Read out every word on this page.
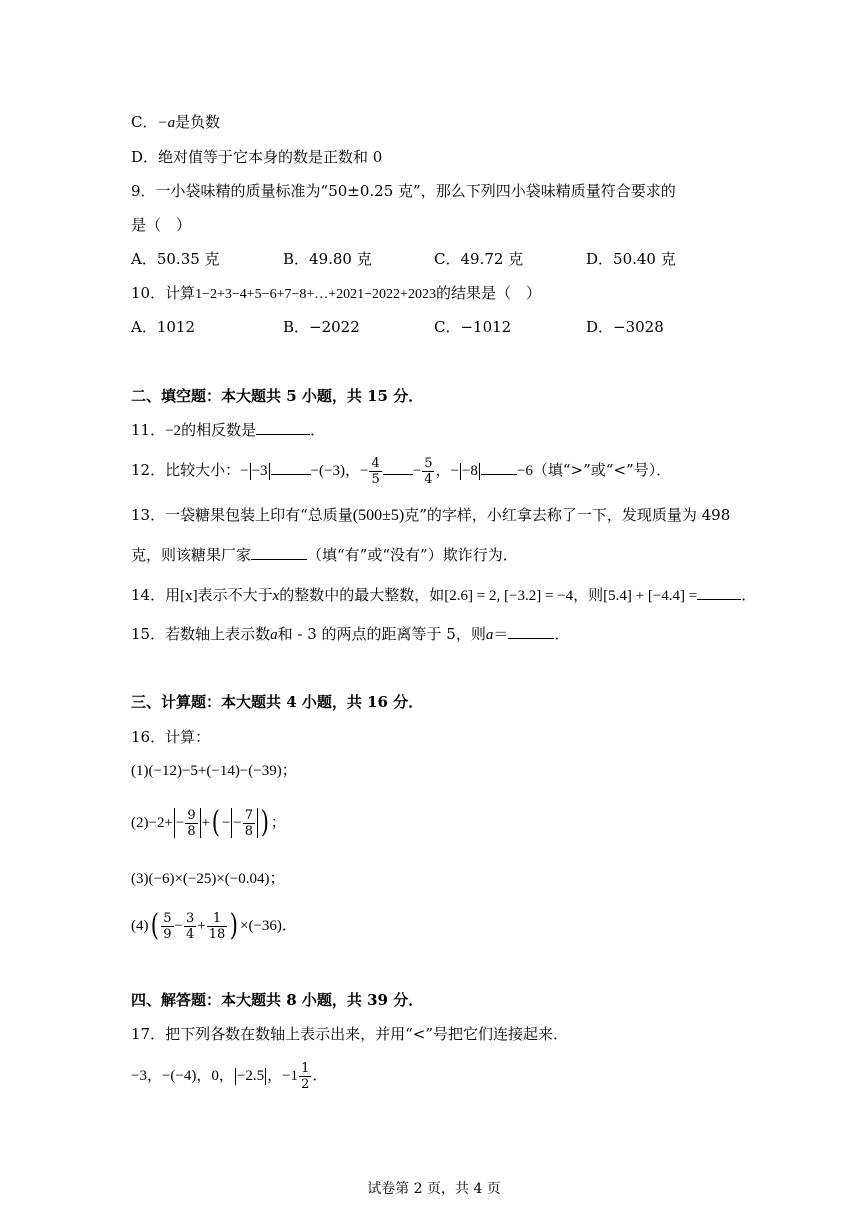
C．−a是负数
D．绝对值等于它本身的数是正数和 0
9．一小袋味精的质量标准为“50±0.25 克”，那么下列四小袋味精质量符合要求的
是（　）
A．50.35 克	B．49.80 克	C．49.72 克	D．50.40 克
10．计算1−2+3−4+5−6+7−8+…+2021−2022+2023的结果是（　）
A．1012	B．−2022	C．−1012	D．−3028
二、填空题：本大题共 5 小题，共 15 分．
11．−2的相反数是	．
12．比较大小：− −3	−(−3)，− $\frac{4}{5} - \frac{5}{4}$ ，− −8	−6（填“>”或“<”号）．
13．一袋糖果包装上印有“总质量(500±5)克”的字样，小红拿去称了一下，发现质量为 498
克，则该糖果厂家	（填“有”或“没有”）欺诈行为．
14．用[x]表示不大于x的整数中的最大整数，如[2.6] = 2, [−3.2] = −4，则[5.4] + [−4.4] =	．
15．若数轴上表示数a和 - 3 的两点的距离等于 5，则a＝	．
三、计算题：本大题共 4 小题，共 16 分．
16．计算：
(1)(−12)−5+(−14)−(−39)；
$(2)-2+ - \frac{9}{8}$ +( − − $\frac{7}{8}$ ) ；
(3)(−6)×(−25)×(−0.04)；
$(4)( \frac{5}{9} - \frac{3}{4} + \frac{1}{18}$ ) ×(−36)．
四、解答题：本大题共 8 小题，共 39 分．
17．把下列各数在数轴上表示出来，并用“<”号把它们连接起来．
−3，−(−4)，0， −2.5 ，$-1 \frac{1}{2}$ ．
试卷第 2 页，共 4 页
